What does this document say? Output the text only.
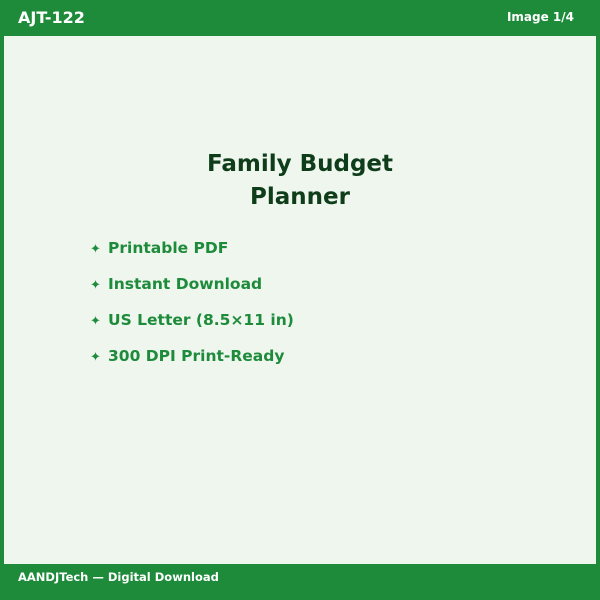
AJT-122	Image 1/4
Family Budget
Planner
✦ Printable PDF
✦ Instant Download
✦ US Letter (8.5×11 in)
✦ 300 DPI Print-Ready
AANDJTech — Digital Download
